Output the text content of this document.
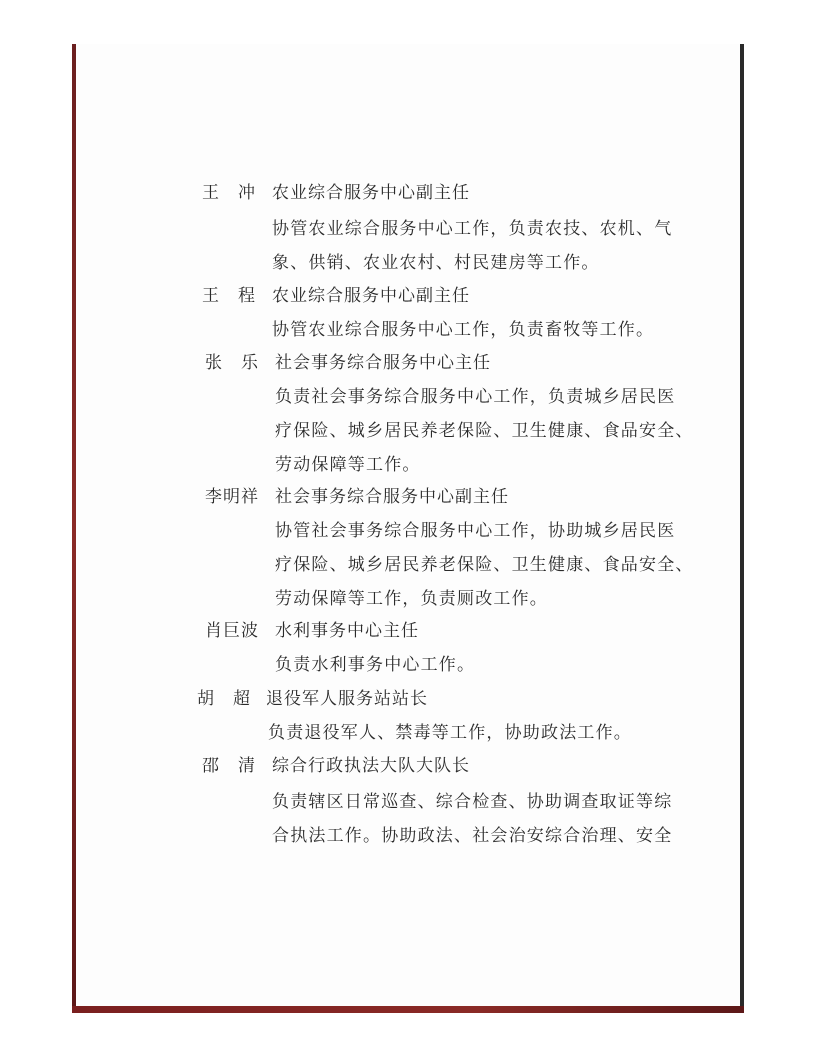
王　冲 农业综合服务中心副主任
协管农业综合服务中心工作，负责农技、农机、气
象、供销、农业农村、村民建房等工作。
王　程 农业综合服务中心副主任
协管农业综合服务中心工作，负责畜牧等工作。
张　乐 社会事务综合服务中心主任
负责社会事务综合服务中心工作，负责城乡居民医
疗保险、城乡居民养老保险、卫生健康、食品安全、
劳动保障等工作。
李明祥 社会事务综合服务中心副主任
协管社会事务综合服务中心工作，协助城乡居民医
疗保险、城乡居民养老保险、卫生健康、食品安全、
劳动保障等工作，负责厕改工作。
肖巨波 水利事务中心主任
负责水利事务中心工作。
胡　超 退役军人服务站站长
负责退役军人、禁毒等工作，协助政法工作。
邵　清 综合行政执法大队大队长
负责辖区日常巡查、综合检查、协助调查取证等综
合执法工作。协助政法、社会治安综合治理、安全
